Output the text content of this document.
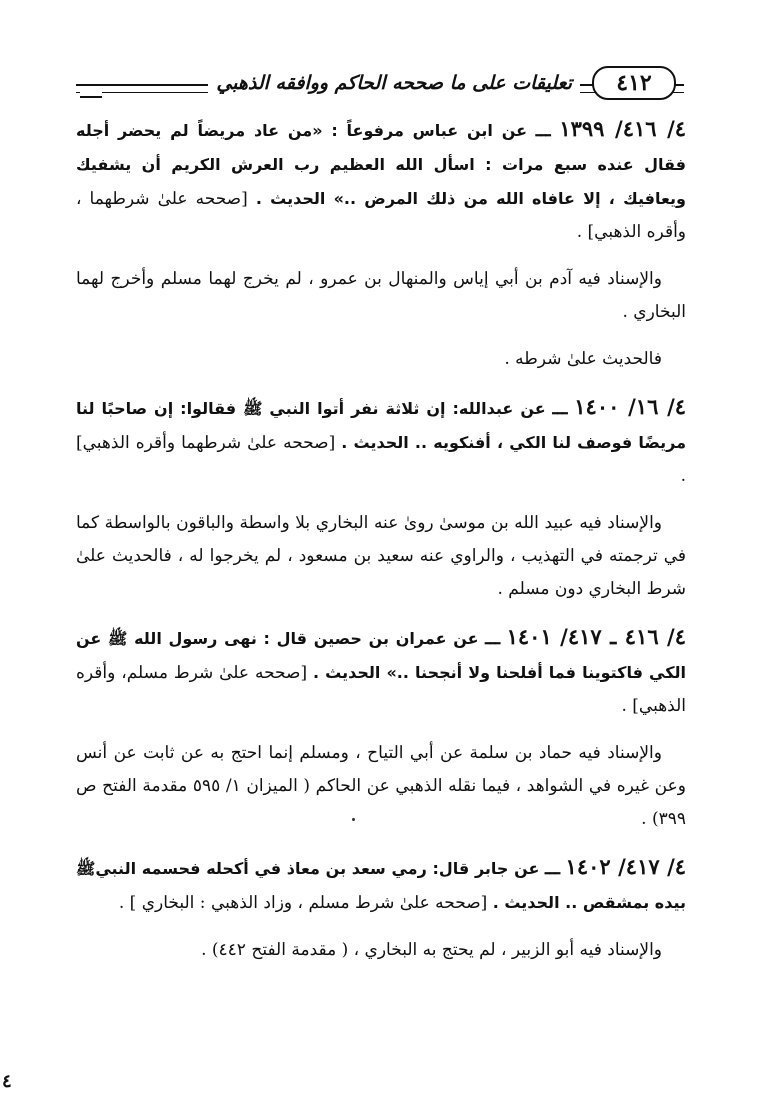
تعليقات على ما صححه الحاكم ووافقه الذهبي	٤١٢

٤/ ٤١٦/ ١٣٩٩ ـــ عن ابن عباس مرفوعاً : «من عاد مريضاً لم يحضر أجله فقال عنده سبع مرات : اسأل الله العظيم رب العرش الكريم أن يشفيك ويعافيك ، إلا عافاه الله من ذلك المرض ..» الحديث . [صححه علىٰ شرطهما ، وأقره الذهبي] .

والإسناد فيه آدم بن أبي إياس والمنهال بن عمرو ، لم يخرج لهما مسلم وأخرج لهما البخاري .

فالحديث علىٰ شرطه .

٤/ ١٦/ ١٤٠٠ ـــ عن عبدالله: إن ثلاثة نفر أتوا النبي ﷺ فقالوا: إن صاحبًا لنا مريضًا فوصف لنا الكي ، أفنكويه .. الحديث . [صححه علىٰ شرطهما وأقره الذهبي] .

والإسناد فيه عبيد الله بن موسىٰ روىٰ عنه البخاري بلا واسطة والباقون بالواسطة كما في ترجمته في التهذيب ، والراوي عنه سعيد بن مسعود ، لم يخرجوا له ، فالحديث علىٰ شرط البخاري دون مسلم .

٤/ ٤١٦ ـ ٤١٧/ ١٤٠١ ـــ عن عمران بن حصين قال : نهى رسول الله ﷺ عن الكي فاكتوينا فما أفلحنا ولا أنجحنا ..» الحديث . [صححه علىٰ شرط مسلم، وأقره الذهبي] .

والإسناد فيه حماد بن سلمة عن أبي التياح ، ومسلم إنما احتج به عن ثابت عن أنس وعن غيره في الشواهد ، فيما نقله الذهبي عن الحاكم ( الميزان ١/ ٥٩٥ مقدمة الفتح ص ٣٩٩) .

٤/ ٤١٧/ ١٤٠٢ ـــ عن جابر قال: رمي سعد بن معاذ في أكحله فحسمه النبيﷺ بيده بمشقص .. الحديث . [صححه علىٰ شرط مسلم ، وزاد الذهبي : البخاري ] .

والإسناد فيه أبو الزبير ، لم يحتج به البخاري ، ( مقدمة الفتح ٤٤٢) .

٤
